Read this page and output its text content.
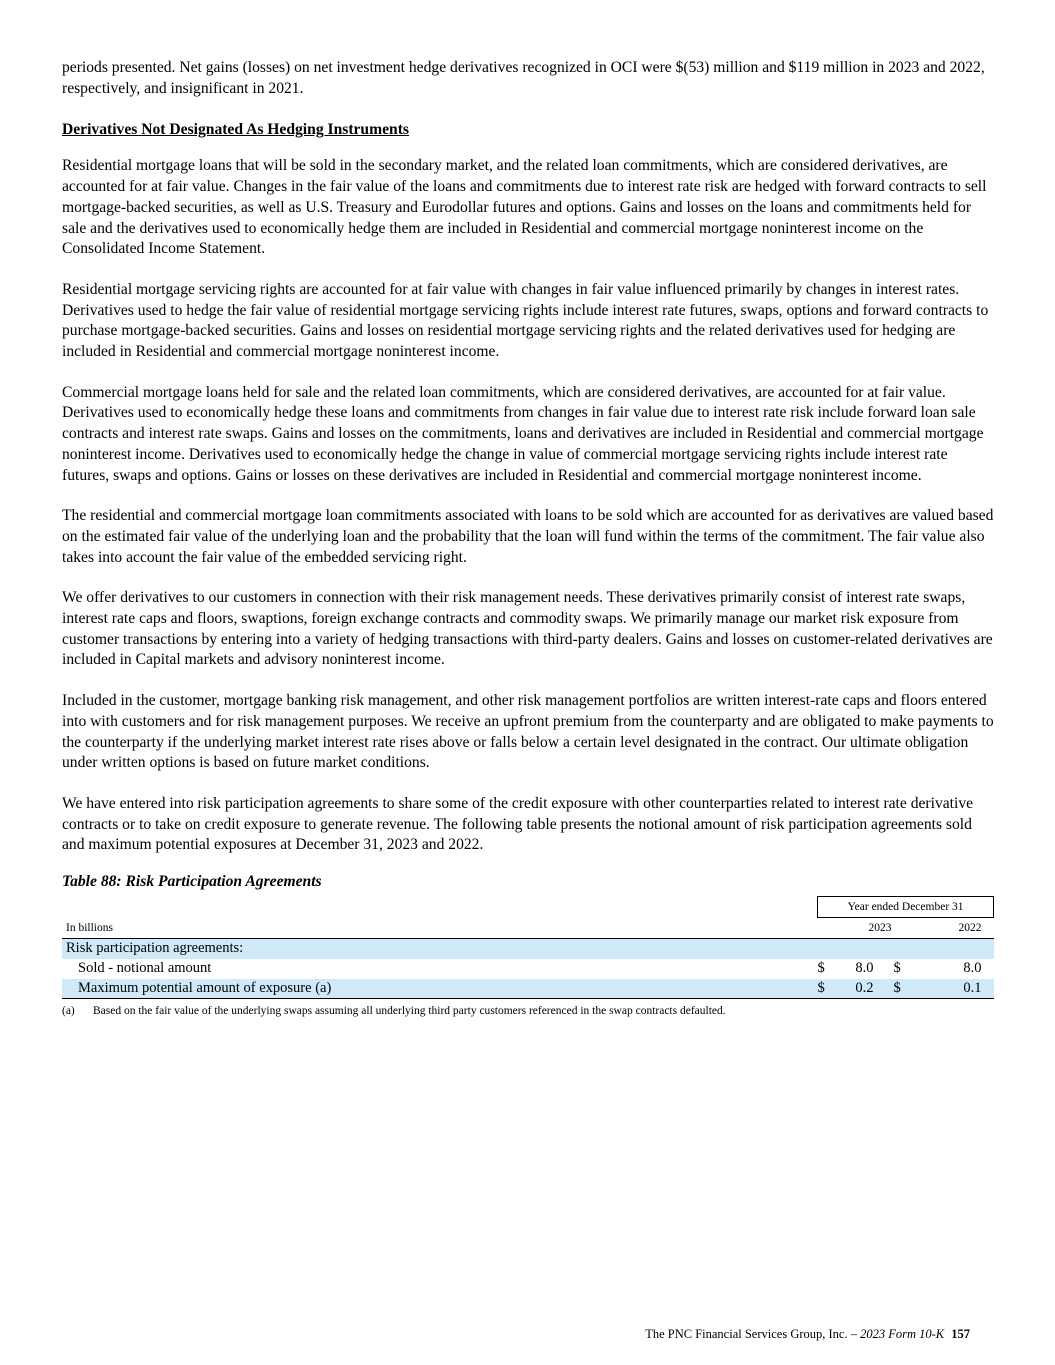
periods presented. Net gains (losses) on net investment hedge derivatives recognized in OCI were $(53) million and $119 million in 2023 and 2022, respectively, and insignificant in 2021.

Derivatives Not Designated As Hedging Instruments

Residential mortgage loans that will be sold in the secondary market, and the related loan commitments, which are considered derivatives, are accounted for at fair value. Changes in the fair value of the loans and commitments due to interest rate risk are hedged with forward contracts to sell mortgage-backed securities, as well as U.S. Treasury and Eurodollar futures and options. Gains and losses on the loans and commitments held for sale and the derivatives used to economically hedge them are included in Residential and commercial mortgage noninterest income on the Consolidated Income Statement.

Residential mortgage servicing rights are accounted for at fair value with changes in fair value influenced primarily by changes in interest rates. Derivatives used to hedge the fair value of residential mortgage servicing rights include interest rate futures, swaps, options and forward contracts to purchase mortgage-backed securities. Gains and losses on residential mortgage servicing rights and the related derivatives used for hedging are included in Residential and commercial mortgage noninterest income.

Commercial mortgage loans held for sale and the related loan commitments, which are considered derivatives, are accounted for at fair value. Derivatives used to economically hedge these loans and commitments from changes in fair value due to interest rate risk include forward loan sale contracts and interest rate swaps. Gains and losses on the commitments, loans and derivatives are included in Residential and commercial mortgage noninterest income. Derivatives used to economically hedge the change in value of commercial mortgage servicing rights include interest rate futures, swaps and options. Gains or losses on these derivatives are included in Residential and commercial mortgage noninterest income.

The residential and commercial mortgage loan commitments associated with loans to be sold which are accounted for as derivatives are valued based on the estimated fair value of the underlying loan and the probability that the loan will fund within the terms of the commitment. The fair value also takes into account the fair value of the embedded servicing right.

We offer derivatives to our customers in connection with their risk management needs. These derivatives primarily consist of interest rate swaps, interest rate caps and floors, swaptions, foreign exchange contracts and commodity swaps. We primarily manage our market risk exposure from customer transactions by entering into a variety of hedging transactions with third-party dealers. Gains and losses on customer-related derivatives are included in Capital markets and advisory noninterest income.

Included in the customer, mortgage banking risk management, and other risk management portfolios are written interest-rate caps and floors entered into with customers and for risk management purposes. We receive an upfront premium from the counterparty and are obligated to make payments to the counterparty if the underlying market interest rate rises above or falls below a certain level designated in the contract. Our ultimate obligation under written options is based on future market conditions.

We have entered into risk participation agreements to share some of the credit exposure with other counterparties related to interest rate derivative contracts or to take on credit exposure to generate revenue. The following table presents the notional amount of risk participation agreements sold and maximum potential exposures at December 31, 2023 and 2022.

Table 88: Risk Participation Agreements

	Year ended December 31			
In billions		2023		2022
Risk participation agreements:				
Sold - notional amount	$	8.0	$	8.0
Maximum potential amount of exposure (a)	$	0.2	$	0.1
(a)	Based on the fair value of the underlying swaps assuming all underlying third party customers referenced in the swap contracts defaulted.
The PNC Financial Services Group, Inc. – 2023 Form 10-K 157
